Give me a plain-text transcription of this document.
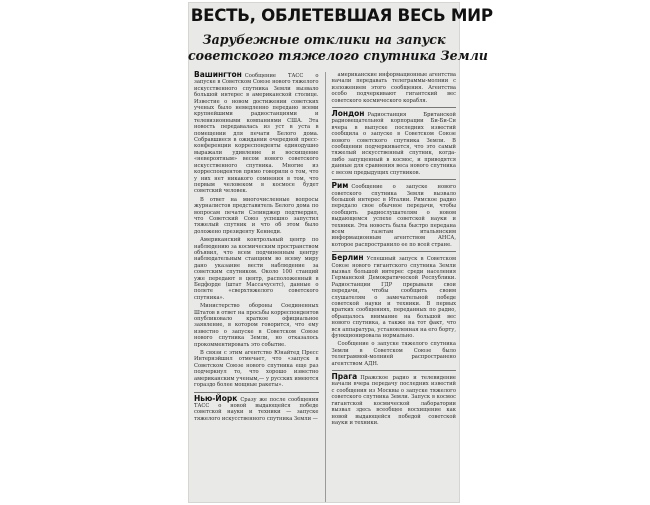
ВЕСТЬ, ОБЛЕТЕВШАЯ ВЕСЬ МИР
Зарубежные отклики на запуск
советского тяжелого спутника Земли

Вашингтон Сообщение ТАСС о запуске в Советском Союзе нового тяжелого искусственного спутника Земли вызвало большой интерес в американской столице. Известие о новом достижении советских ученых было немедленно передано всеми крупнейшими радиостанциями и телевизионными компаниями США. Эта новость передавалась из уст в уста в помещении для печати Белого дома. Собравшиеся в ожидании очередной пресс-конференции корреспонденты единодушно выражали удивление и восхищение «невероятным» весом нового советского искусственного спутника. Многие из корреспондентов прямо говорили о том, что у них нет никакого сомнения в том, что первым человеком в космосе будет советский человек.

В ответ на многочисленные вопросы журналистов представитель Белого дома по вопросам печати Сэлинджер подтвердил, что Советский Союз успешно запустил тяжелый спутник и что об этом было доложено президенту Кеннеди.

Американский контрольный центр по наблюдению за космическим пространством объявил, что всем подчиненным центру наблюдательным станциям во всему миру дано указание вести наблюдение за советским спутником. Около 100 станций уже передают в центр, расположенный в Бедфорде (штат Массачусетс), данные о полете «сверхтяжелого советского спутника».

Министерство обороны Соединенных Штатов в ответ на просьбы корреспондентов опубликовало краткое официальное заявление, в котором говорится, что ему известно о запуске в Советском Союзе нового спутника Земли, но отказалось прокомментировать это событие.

В связи с этим агентство Юнайтед Пресс Интернэйшнл отмечает, что «запуск в Советском Союзе нового спутника еще раз подчеркнул то, что хорошо известно американским ученым,— у русских имеются гораздо более мощные ракеты».

Нью-Йорк Сразу же после сообщения ТАСС о новой выдающейся победе советской науки и техники — запуске тяжелого искусственного спутника Земли —

американские информационные агентства начали передавать телеграммы-молнии с изложением этого сообщения. Агентства особо подчеркивают гигантский вес советского космического корабля.

Лондон Радиостанция Британской радиовещательной корпорации Би-Би-Си вчера в выпуске последних известий сообщила о запуске в Советском Союзе нового советского спутника Земли. В сообщении подчеркивается, что это самый тяжелый искусственный спутник, когда-либо запущенный в космос, и приводятся данные для сравнения веса нового спутника с весом предыдущих спутников.

Рим Сообщение о запуске нового советского спутника Земли вызвало большой интерес в Италии. Римское радио передало свое обычное передачи, чтобы сообщить радиослушателям о новом выдающемся успехе советской науки и техники. Эта новость была быстро передана всем газетам итальянским информационным агентством АНСА, которое распространило ее по всей стране.

Берлин Успешный запуск в Советском Союзе нового гигантского спутника Земли вызвал большой интерес среди населения Германской Демократической Республики. Радиостанции ГДР прерывали свои передачи, чтобы сообщить своим слушателям о замечательной победе советской науки и техники. В первых кратких сообщениях, переданных по радио, обращалось внимание на большой вес нового спутника, а также на тот факт, что вся аппаратура, установленная на его борту, функционировала нормально.

Сообщение о запуске тяжелого спутника Земли в Советском Союзе было телеграммой-молнией распространено агентством АДН.

Прага Пражское радио и телевидение начали вчера передачу последних известий с сообщения из Москвы о запуске тяжелого советского спутника Земли. Запуск в космос гигантской космической лаборатории вызвал здесь всеобщее восхищение как новой выдающейся победой советской науки и техники.
